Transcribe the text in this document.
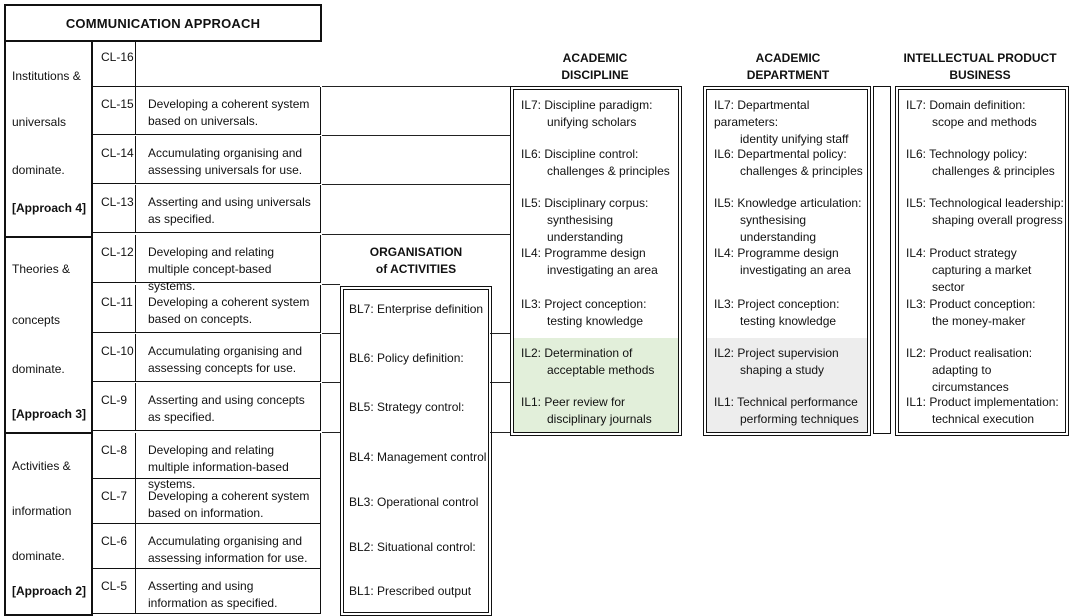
COMMUNICATION APPROACH
Institutions &
universals
dominate.
[Approach 4]
Theories &
concepts
dominate.
[Approach 3]
Activities &
information
dominate.
[Approach 2]
CL-16
CL-15	Developing a coherent system based on universals.
CL-14	Accumulating organising and assessing universals for use.
CL-13	Asserting and using universals as specified.
CL-12	Developing and relating multiple concept-based systems.
CL-11	Developing a coherent system based on concepts.
CL-10	Accumulating organising and assessing concepts for use.
CL-9	Asserting and using concepts as specified.
CL-8	Developing and relating multiple information-based systems.
CL-7	Developing a coherent system based on information.
CL-6	Accumulating organising and assessing information for use.
CL-5	Asserting and using information as specified.
ORGANISATION
of ACTIVITIES
BL7: Enterprise definition
BL6: Policy definition:
BL5: Strategy control:
BL4: Management control
BL3: Operational control
BL2: Situational control:
BL1: Prescribed output
ACADEMIC
DISCIPLINE
ACADEMIC
DEPARTMENT
INTELLECTUAL PRODUCT
BUSINESS
IL7: Discipline paradigm:
unifying scholars
IL6: Discipline control:
challenges & principles
IL5: Disciplinary corpus:
synthesising understanding
IL4: Programme design
investigating an area
IL3: Project conception:
testing knowledge
IL2: Determination of
acceptable methods
IL1: Peer review for
disciplinary journals
IL7: Departmental parameters:
identity unifying staff
IL6: Departmental policy:
challenges & principles
IL5: Knowledge articulation:
synthesising understanding
IL4: Programme design
investigating an area
IL3: Project conception:
testing knowledge
IL2: Project supervision
shaping a study
IL1: Technical performance
performing techniques
IL7: Domain definition:
scope and methods
IL6: Technology policy:
challenges & principles
IL5: Technological leadership:
shaping overall progress
IL4: Product strategy
capturing a market sector
IL3: Product conception:
the money-maker
IL2: Product realisation:
adapting to circumstances
IL1: Product implementation:
technical execution
